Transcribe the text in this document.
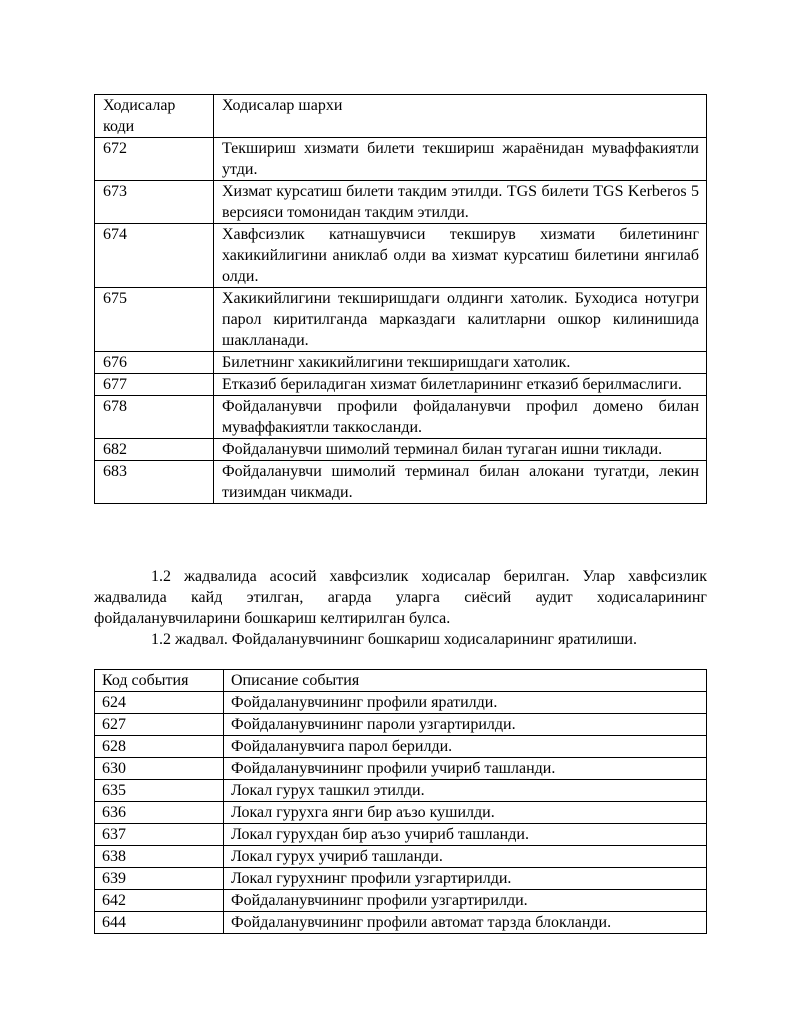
Ходисалар коди	Ходисалар шархи
672	Текшириш хизмати билети текшириш жараёнидан муваффакиятли утди.
673	Хизмат курсатиш билети такдим этилди. TGS билети TGS Kerberos 5 версияси томонидан такдим этилди.
674	Хавфсизлик катнашувчиси текширув хизмати билетининг хакикийлигини аниклаб олди ва хизмат курсатиш билетини янгилаб олди.
675	Хакикийлигини текширишдаги олдинги хатолик. Буходиса нотугри парол киритилганда марказдаги калитларни ошкор килинишида шаклланади.
676	Билетнинг хакикийлигини текширишдаги хатолик.
677	Етказиб бериладиган хизмат билетларининг етказиб берилмаслиги.
678	Фойдаланувчи профили фойдаланувчи профил домено билан муваффакиятли таккосланди.
682	Фойдаланувчи шимолий терминал билан тугаган ишни тиклади.
683	Фойдаланувчи шимолий терминал билан алокани тугатди, лекин тизимдан чикмади.
1.2 жадвалида асосий хавфсизлик ходисалар берилган. Улар хавфсизлик жадвалида кайд этилган, агарда уларга сиёсий аудит ходисаларининг фойдаланувчиларини бошкариш келтирилган булса.
1.2 жадвал. Фойдаланувчининг бошкариш ходисаларининг яратилиши.
Код события	Описание события
624	Фойдаланувчининг профили яратилди.
627	Фойдаланувчининг пароли узгартирилди.
628	Фойдаланувчига парол берилди.
630	Фойдаланувчининг профили учириб ташланди.
635	Локал гурух ташкил этилди.
636	Локал гурухга янги бир аъзо кушилди.
637	Локал гурухдан бир аъзо учириб ташланди.
638	Локал гурух учириб ташланди.
639	Локал гурухнинг профили узгартирилди.
642	Фойдаланувчининг профили узгартирилди.
644	Фойдаланувчининг профили автомат тарзда блокланди.
